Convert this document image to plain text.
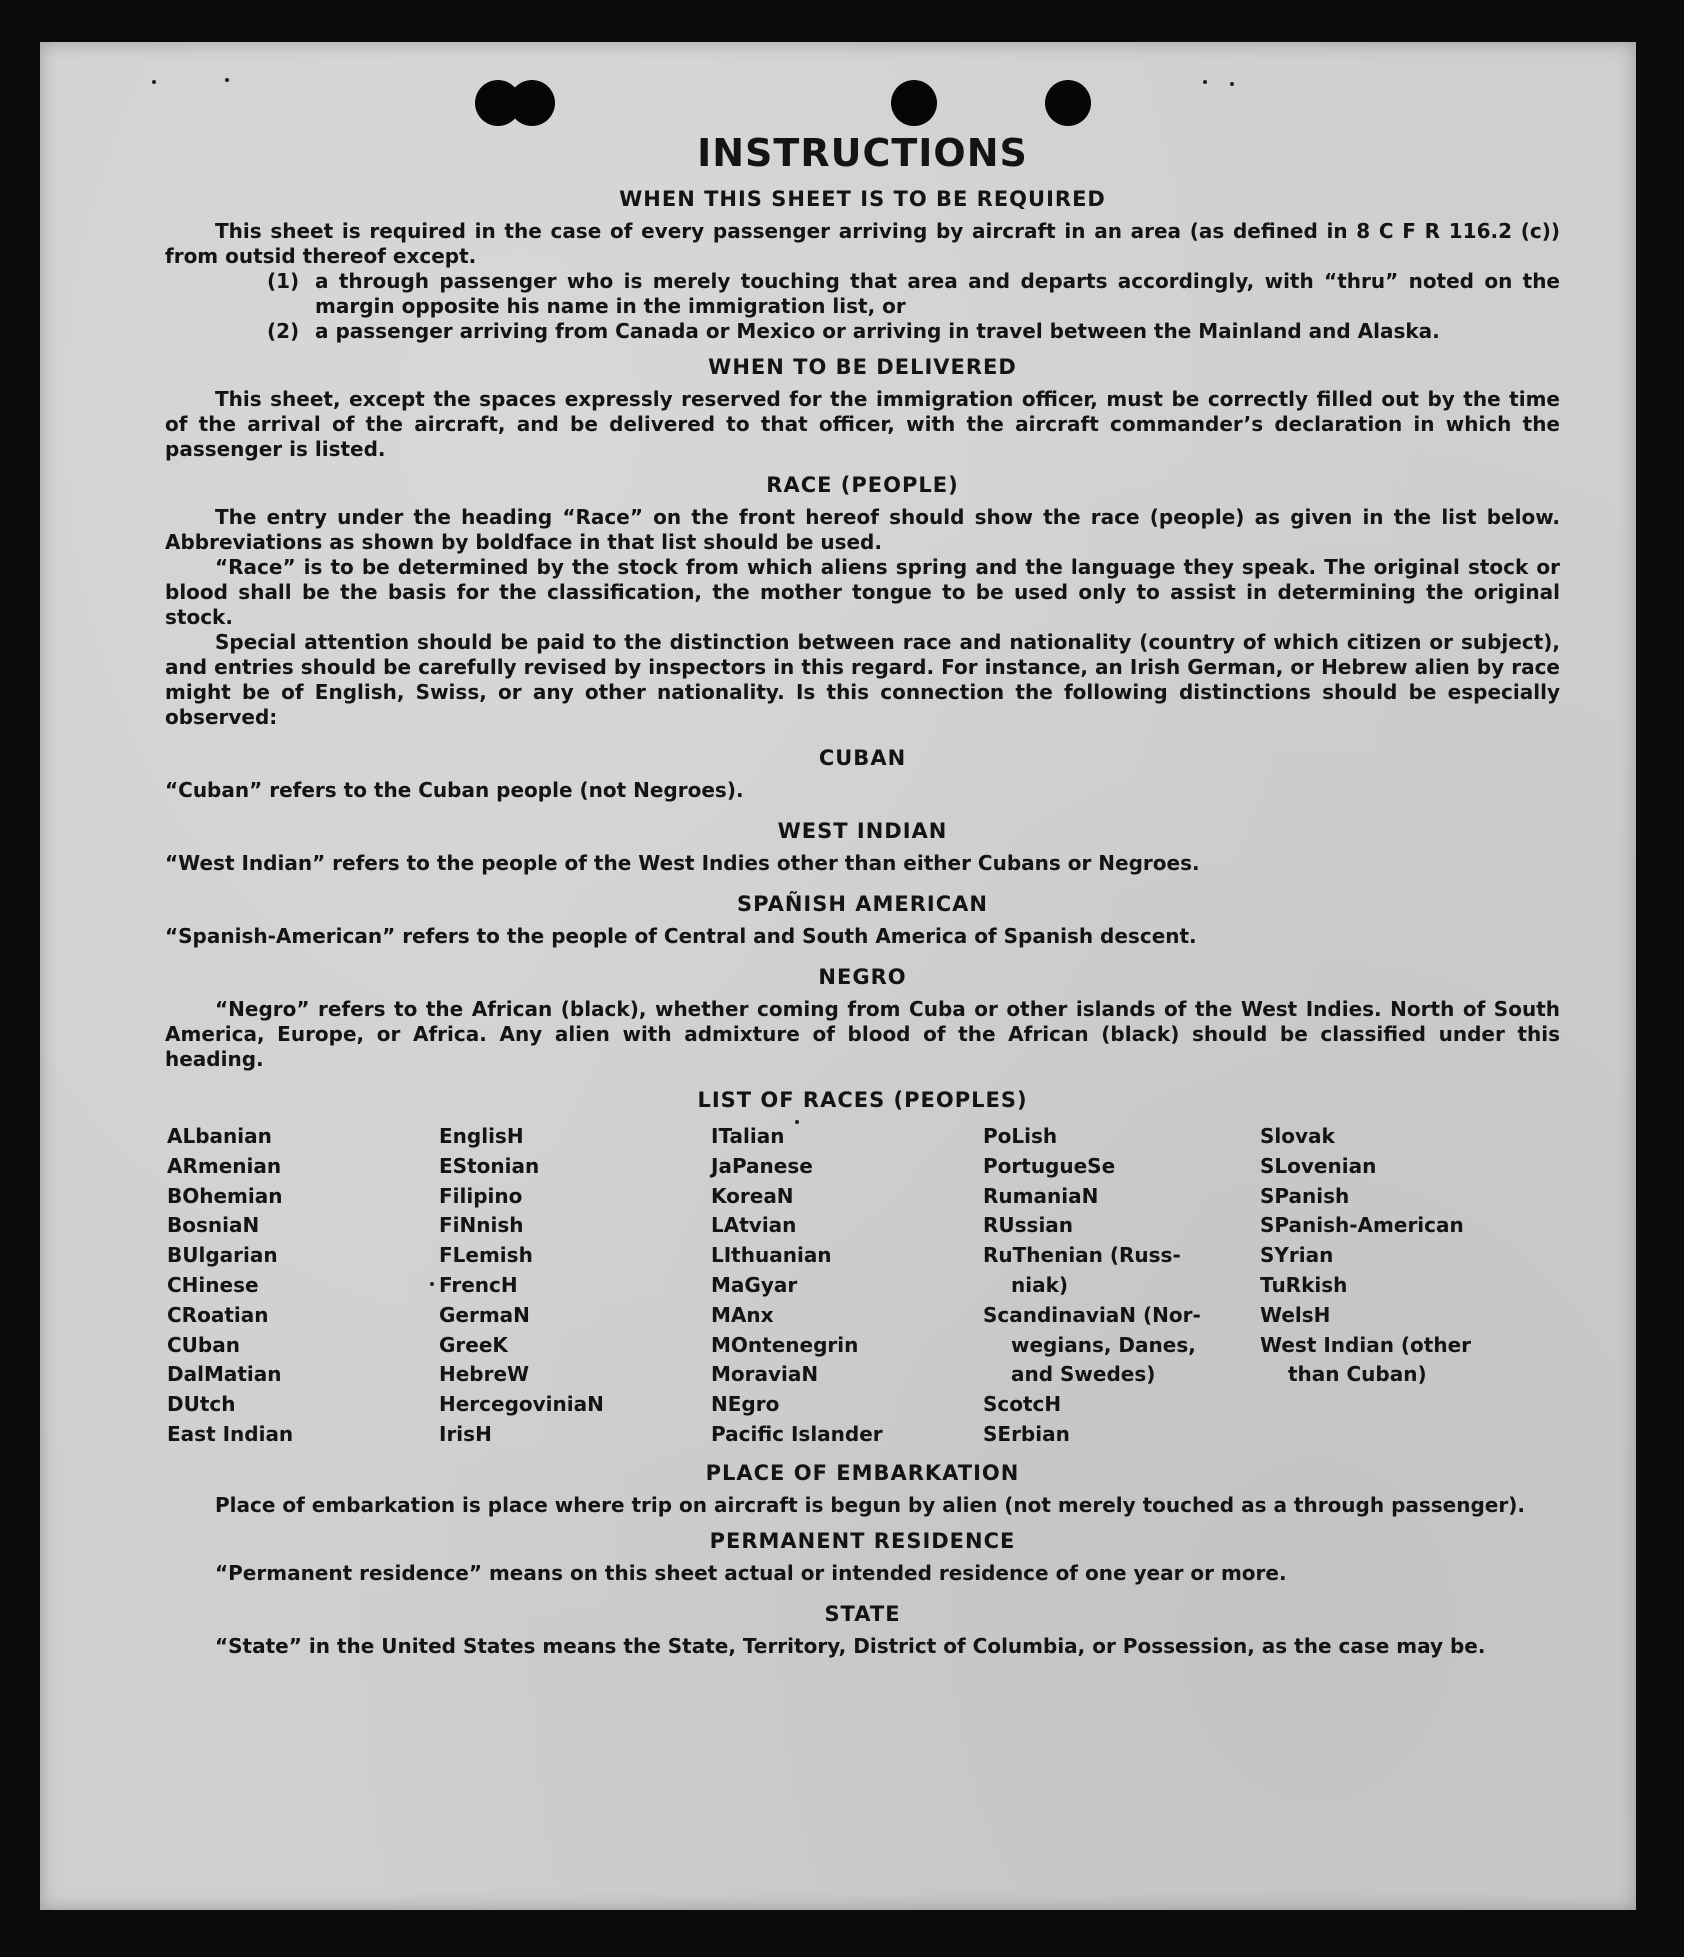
INSTRUCTIONS
WHEN THIS SHEET IS TO BE REQUIRED
This sheet is required in the case of every passenger arriving by aircraft in an area (as defined in 8 C F R 116.2 (c)) from outsid thereof except.
(1) a through passenger who is merely touching that area and departs accordingly, with “thru” noted on the margin opposite his name in the immigration list, or
(2) a passenger arriving from Canada or Mexico or arriving in travel between the Mainland and Alaska.
WHEN TO BE DELIVERED
This sheet, except the spaces expressly reserved for the immigration officer, must be correctly filled out by the time of the arrival of the aircraft, and be delivered to that officer, with the aircraft commander’s declaration in which the passenger is listed.
RACE (PEOPLE)
The entry under the heading “Race” on the front hereof should show the race (people) as given in the list below. Abbreviations as shown by boldface in that list should be used.
“Race” is to be determined by the stock from which aliens spring and the language they speak. The original stock or blood shall be the basis for the classification, the mother tongue to be used only to assist in determining the original stock.
Special attention should be paid to the distinction between race and nationality (country of which citizen or subject), and entries should be carefully revised by inspectors in this regard. For instance, an Irish German, or Hebrew alien by race might be of English, Swiss, or any other nationality. Is this connection the following distinctions should be especially observed:
CUBAN
“Cuban” refers to the Cuban people (not Negroes).
WEST INDIAN
“West Indian” refers to the people of the West Indies other than either Cubans or Negroes.
SPAÑISH AMERICAN
“Spanish-American” refers to the people of Central and South America of Spanish descent.
NEGRO
“Negro” refers to the African (black), whether coming from Cuba or other islands of the West Indies. North of South America, Europe, or Africa. Any alien with admixture of blood of the African (black) should be classified under this heading.
LIST OF RACES (PEOPLES)
ALbanian
ARmenian
BOhemian
BosniaN
BUlgarian
CHinese
CRoatian
CUban
DalMatian
DUtch
East Indian
EnglisH
EStonian
Filipino
FiNnish
FLemish
FrencH
GermaN
GreeK
HebreW
HercegoviniaN
IrisH
ITalian
JaPanese
KoreaN
LAtvian
LIthuanian
MaGyar
MAnx
MOntenegrin
MoraviaN
NEgro
Pacific Islander
PoLish
PortugueSe
RumaniaN
RUssian
RuThenian (Russ-
niak)
ScandinaviaN (Nor-
wegians, Danes,
and Swedes)
ScotcH
SErbian
Slovak
SLovenian
SPanish
SPanish-American
SYrian
TuRkish
WelsH
West Indian (other
than Cuban)
PLACE OF EMBARKATION
Place of embarkation is place where trip on aircraft is begun by alien (not merely touched as a through passenger).
PERMANENT RESIDENCE
“Permanent residence” means on this sheet actual or intended residence of one year or more.
STATE
“State” in the United States means the State, Territory, District of Columbia, or Possession, as the case may be.
